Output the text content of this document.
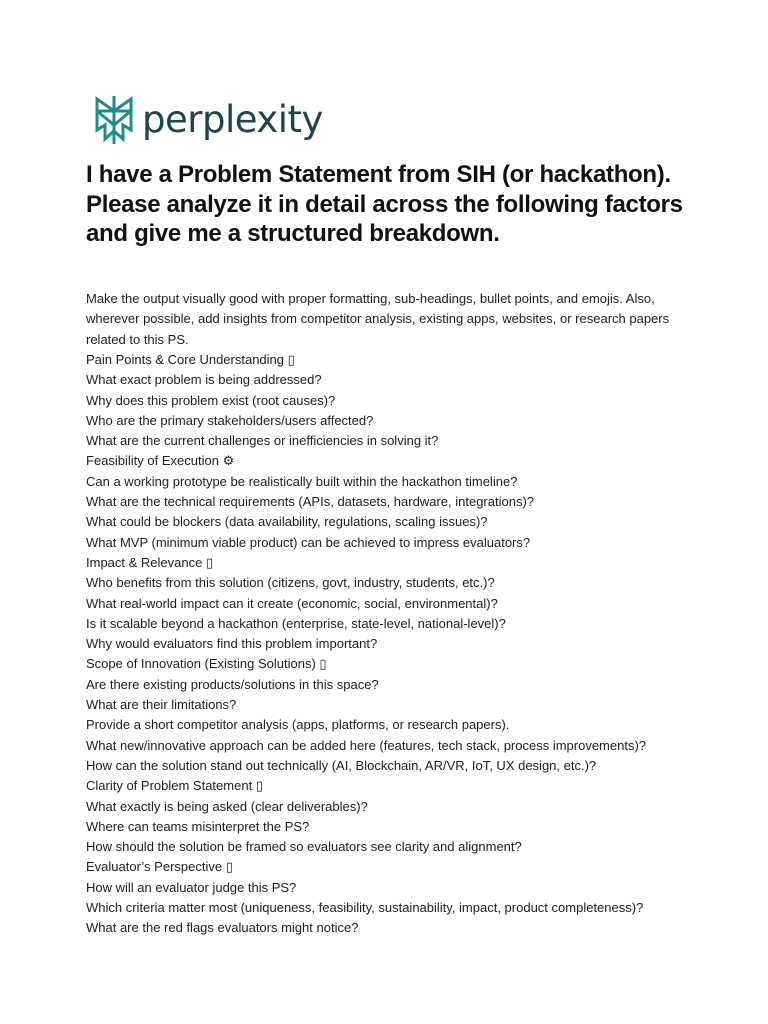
perplexity
I have a Problem Statement from SIH (or hackathon). Please analyze it in detail across the following factors and give me a structured breakdown.

Make the output visually good with proper formatting, sub-headings, bullet points, and emojis. Also, wherever possible, add insights from competitor analysis, existing apps, websites, or research papers related to this PS.

Pain Points & Core Understanding ▯
What exact problem is being addressed?
Why does this problem exist (root causes)?
Who are the primary stakeholders/users affected?
What are the current challenges or inefficiencies in solving it?
Feasibility of Execution ⚙
Can a working prototype be realistically built within the hackathon timeline?
What are the technical requirements (APIs, datasets, hardware, integrations)?
What could be blockers (data availability, regulations, scaling issues)?
What MVP (minimum viable product) can be achieved to impress evaluators?
Impact & Relevance ▯
Who benefits from this solution (citizens, govt, industry, students, etc.)?
What real-world impact can it create (economic, social, environmental)?
Is it scalable beyond a hackathon (enterprise, state-level, national-level)?
Why would evaluators find this problem important?
Scope of Innovation (Existing Solutions) ▯
Are there existing products/solutions in this space?
What are their limitations?
Provide a short competitor analysis (apps, platforms, or research papers).
What new/innovative approach can be added here (features, tech stack, process improvements)?
How can the solution stand out technically (AI, Blockchain, AR/VR, IoT, UX design, etc.)?
Clarity of Problem Statement ▯
What exactly is being asked (clear deliverables)?
Where can teams misinterpret the PS?
How should the solution be framed so evaluators see clarity and alignment?
Evaluator’s Perspective ▯
How will an evaluator judge this PS?
Which criteria matter most (uniqueness, feasibility, sustainability, impact, product completeness)?
What are the red flags evaluators might notice?
